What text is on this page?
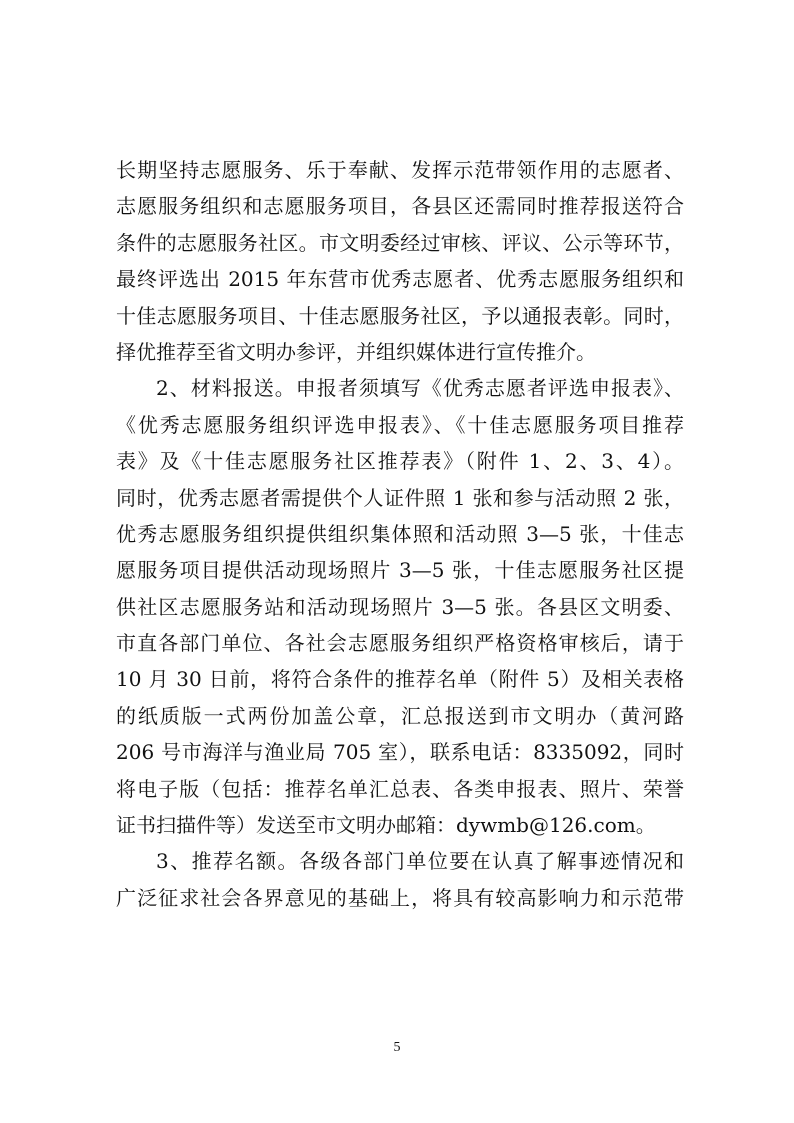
长期坚持志愿服务、乐于奉献、发挥示范带领作用的志愿者、
志愿服务组织和志愿服务项目，各县区还需同时推荐报送符合
条件的志愿服务社区。市文明委经过审核、评议、公示等环节，
最终评选出 2015 年东营市优秀志愿者、优秀志愿服务组织和
十佳志愿服务项目、十佳志愿服务社区，予以通报表彰。同时，
择优推荐至省文明办参评，并组织媒体进行宣传推介。
2、材料报送。申报者须填写《优秀志愿者评选申报表》、
《优秀志愿服务组织评选申报表》、《十佳志愿服务项目推荐
表》及《十佳志愿服务社区推荐表》（附件 1、2、3、4）。
同时，优秀志愿者需提供个人证件照 1 张和参与活动照 2 张，
优秀志愿服务组织提供组织集体照和活动照 3—5 张，十佳志
愿服务项目提供活动现场照片 3—5 张，十佳志愿服务社区提
供社区志愿服务站和活动现场照片 3—5 张。各县区文明委、
市直各部门单位、各社会志愿服务组织严格资格审核后，请于
10 月 30 日前，将符合条件的推荐名单（附件 5）及相关表格
的纸质版一式两份加盖公章，汇总报送到市文明办（黄河路
206 号市海洋与渔业局 705 室），联系电话：8335092，同时
将电子版（包括：推荐名单汇总表、各类申报表、照片、荣誉
证书扫描件等）发送至市文明办邮箱：dywmb@126.com。
3、推荐名额。各级各部门单位要在认真了解事迹情况和
广泛征求社会各界意见的基础上，将具有较高影响力和示范带
5
